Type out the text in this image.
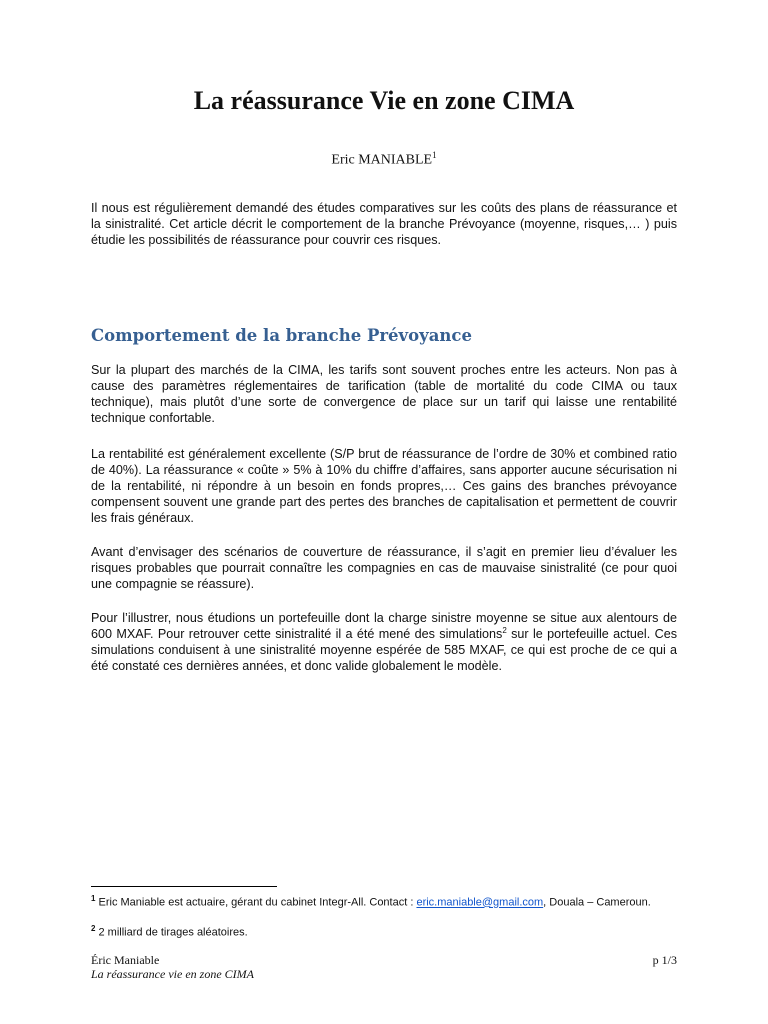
La réassurance Vie en zone CIMA
Eric MANIABLE$^1$

Il nous est régulièrement demandé des études comparatives sur les coûts des plans de réassurance et la sinistralité. Cet article décrit le comportement de la branche Prévoyance (moyenne, risques,… ) puis étudie les possibilités de réassurance pour couvrir ces risques.

Comportement de la branche Prévoyance

Sur la plupart des marchés de la CIMA, les tarifs sont souvent proches entre les acteurs. Non pas à cause des paramètres réglementaires de tarification (table de mortalité du code CIMA ou taux technique), mais plutôt d’une sorte de convergence de place sur un tarif qui laisse une rentabilité technique confortable.

La rentabilité est généralement excellente (S/P brut de réassurance de l’ordre de 30% et combined ratio de 40%). La réassurance « coûte » 5% à 10% du chiffre d’affaires, sans apporter aucune sécurisation ni de la rentabilité, ni répondre à un besoin en fonds propres,… Ces gains des branches prévoyance compensent souvent une grande part des pertes des branches de capitalisation et permettent de couvrir les frais généraux.

Avant d’envisager des scénarios de couverture de réassurance, il s’agit en premier lieu d’évaluer les risques probables que pourrait connaître les compagnies en cas de mauvaise sinistralité (ce pour quoi une compagnie se réassure).

Pour l’illustrer, nous étudions un portefeuille dont la charge sinistre moyenne se situe aux alentours de 600 MXAF. Pour retrouver cette sinistralité il a été mené des simulations$^2$ sur le portefeuille actuel. Ces simulations conduisent à une sinistralité moyenne espérée de 585 MXAF, ce qui est proche de ce qui a été constaté ces dernières années, et donc valide globalement le modèle.

$^1$ Eric Maniable est actuaire, gérant du cabinet Integr-All. Contact : eric.maniable@gmail.com, Douala – Cameroun.

$^2$ 2 milliard de tirages aléatoires.

Éric Maniable
La réassurance vie en zone CIMA
p 1/3
